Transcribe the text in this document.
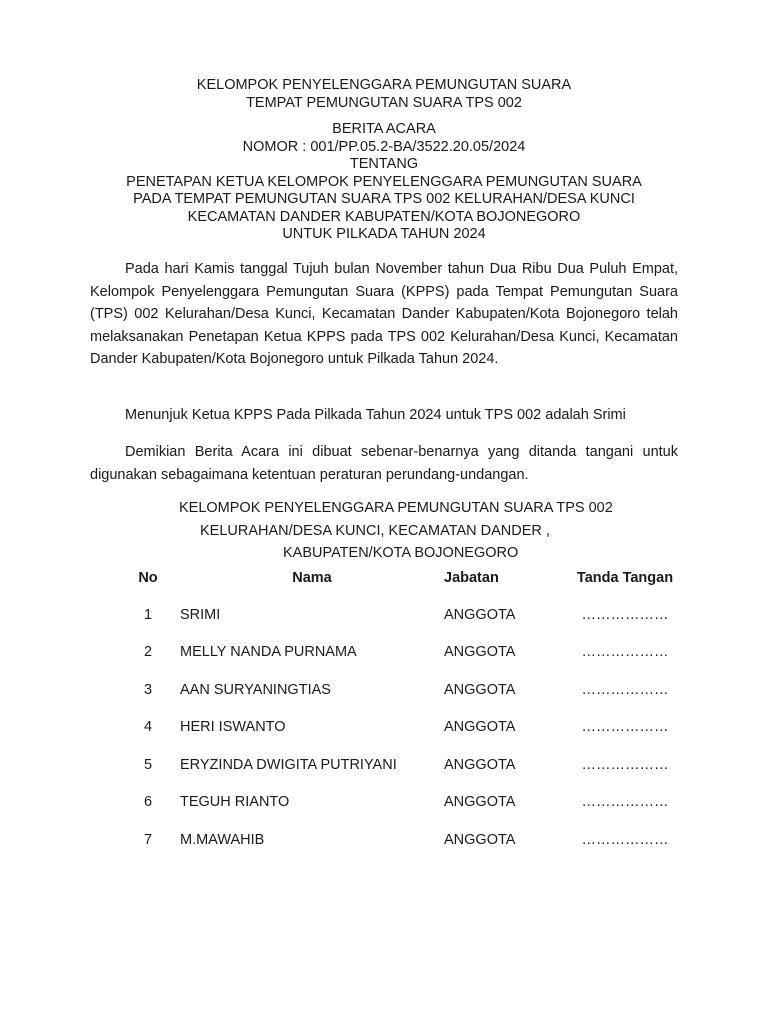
KELOMPOK PENYELENGGARA PEMUNGUTAN SUARA
TEMPAT PEMUNGUTAN SUARA TPS 002
BERITA ACARA
NOMOR : 001/PP.05.2-BA/3522.20.05/2024
TENTANG
PENETAPAN KETUA KELOMPOK PENYELENGGARA PEMUNGUTAN SUARA
PADA TEMPAT PEMUNGUTAN SUARA TPS 002 KELURAHAN/DESA KUNCI
KECAMATAN DANDER KABUPATEN/KOTA BOJONEGORO
UNTUK PILKADA TAHUN 2024
Pada hari Kamis tanggal Tujuh bulan November tahun Dua Ribu Dua Puluh Empat, Kelompok Penyelenggara Pemungutan Suara (KPPS) pada Tempat Pemungutan Suara (TPS) 002 Kelurahan/Desa Kunci, Kecamatan Dander Kabupaten/Kota Bojonegoro telah melaksanakan Penetapan Ketua KPPS pada TPS 002 Kelurahan/Desa Kunci, Kecamatan Dander Kabupaten/Kota Bojonegoro untuk Pilkada Tahun 2024.
Menunjuk Ketua KPPS Pada Pilkada Tahun 2024 untuk TPS 002 adalah Srimi
Demikian Berita Acara ini dibuat sebenar-benarnya yang ditanda tangani untuk digunakan sebagaimana ketentuan peraturan perundang-undangan.
KELOMPOK PENYELENGGARA PEMUNGUTAN SUARA TPS 002
KELURAHAN/DESA KUNCI, KECAMATAN DANDER ,
KABUPATEN/KOTA BOJONEGORO
No	Nama	Jabatan	Tanda Tangan
1	SRIMI	ANGGOTA	………………
2	MELLY NANDA PURNAMA	ANGGOTA	………………
3	AAN SURYANINGTIAS	ANGGOTA	………………
4	HERI ISWANTO	ANGGOTA	………………
5	ERYZINDA DWIGITA PUTRIYANI	ANGGOTA	………………
6	TEGUH RIANTO	ANGGOTA	………………
7	M.MAWAHIB	ANGGOTA	………………
